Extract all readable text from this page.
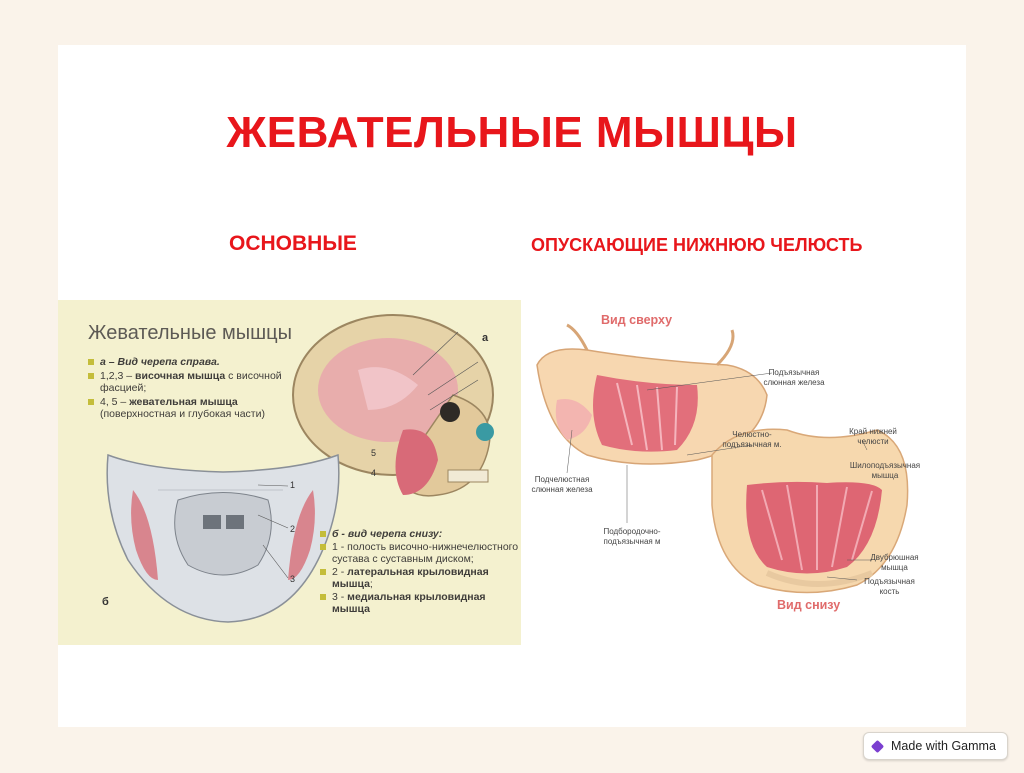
ЖЕВАТЕЛЬНЫЕ МЫШЦЫ
ОСНОВНЫЕ	ОПУСКАЮЩИЕ НИЖНЮЮ ЧЕЛЮСТЬ
Жевательные мышцы
а – Вид черепа справа.
1,2,3 – височная мышца с височной фасцией;
4, 5 – жевательная мышца (поверхностная и глубокая части)
б - вид черепа снизу:
1 - полость височно-нижнечелюстного сустава с суставным диском;
2 - латеральная крыловидная мышца;
3 - медиальная крыловидная мышца
а
б
1
2
3
4
5
Вид сверху
Вид снизу
Подъязычная слюнная железа
Подчелюстная слюнная железа
Подбородочно-подъязычная м
Челюстно-подъязычная м.
Край нижней челюсти
Шилоподъязычная мышца
Двубрюшная мышца
Подъязычная кость
Made with Gamma
